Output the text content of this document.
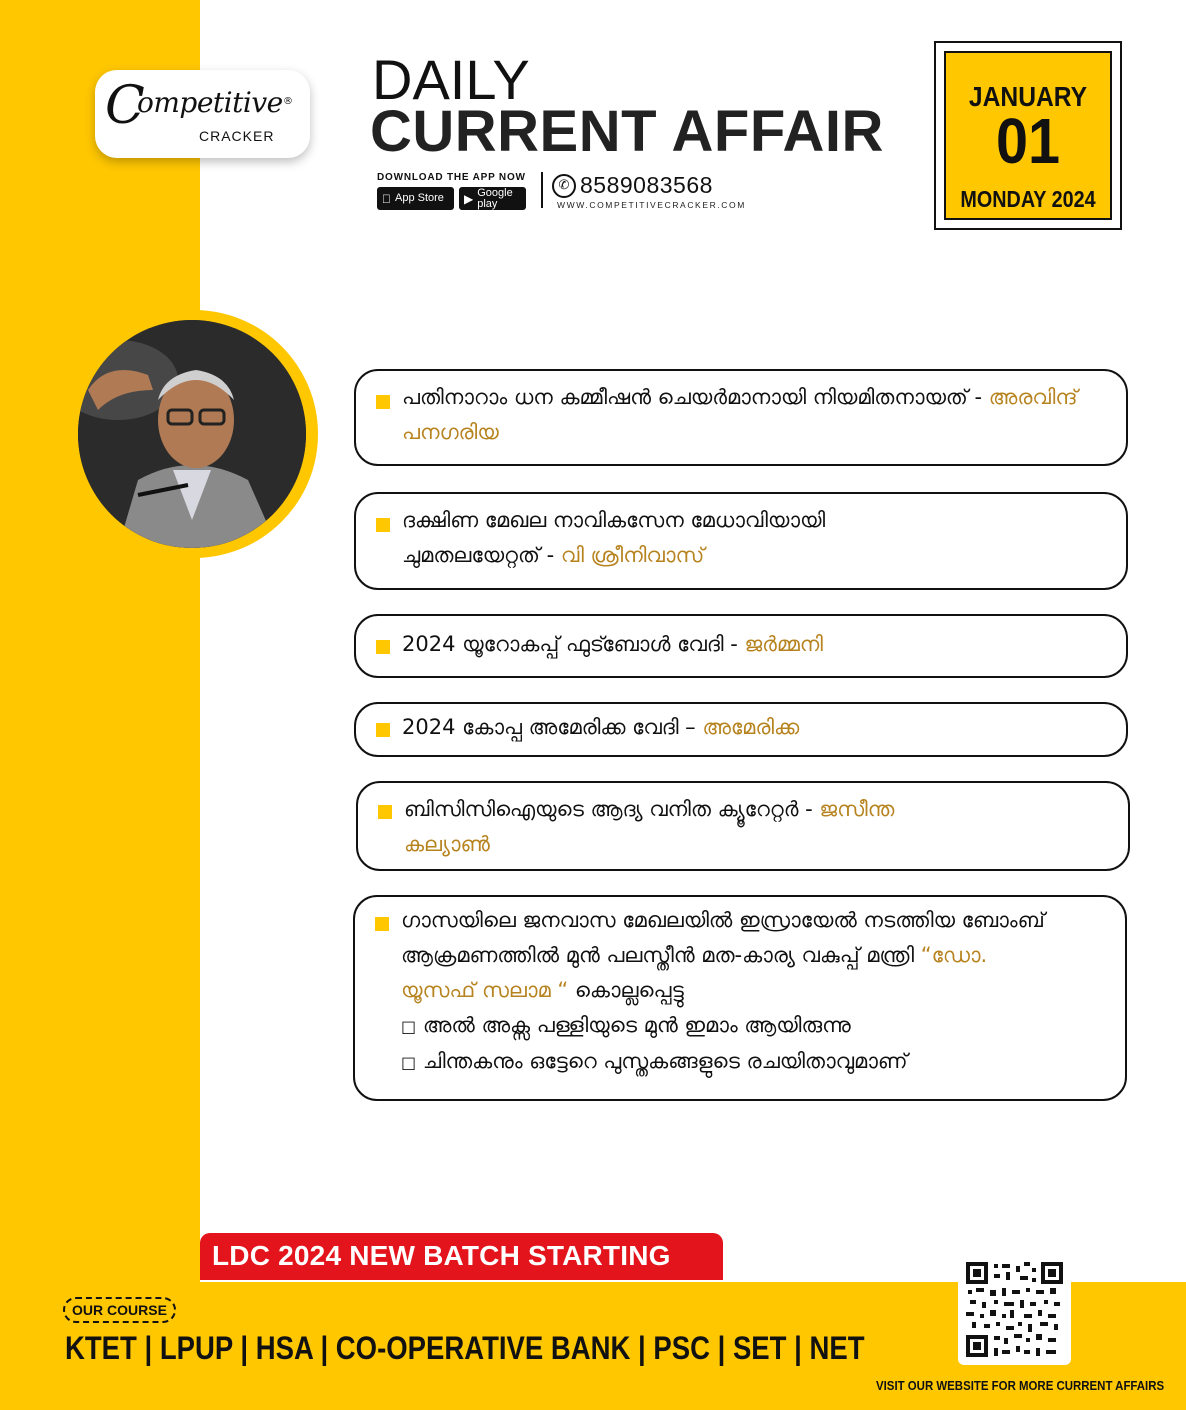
C
ompetitive ®
CRACKER
DAILY
CURRENT AFFAIR
DOWNLOAD THE APP NOW
App Store ▶ Google play
✆ 8589083568
WWW.COMPETITIVECRACKER.COM
JANUARY
01
MONDAY 2024
പതിനാറാം ധന കമ്മീഷൻ ചെയർമാനായി നിയമിതനായത് - അരവിന്ദ് പനഗരിയ
ദക്ഷിണ മേഖല നാവികസേന മേധാവിയായി ചുമതലയേറ്റത് - വി ശ്രീനിവാസ്
2024 യൂറോകപ്പ് ഫുട്ബോൾ വേദി - ജർമ്മനി
2024 കോപ്പ അമേരിക്ക വേദി – അമേരിക്ക
ബിസിസിഐയുടെ ആദ്യ വനിത ക്യൂറേറ്റർ - ജസീന്ത കല്യാൺ
ഗാസയിലെ ജനവാസ മേഖലയിൽ ഇസ്രായേൽ നടത്തിയ ബോംബ് ആക്രമണത്തിൽ മുൻ പലസ്തീൻ മത-കാര്യ വകുപ്പ് മന്ത്രി “ഡോ. യൂസഫ് സലാമ “ കൊല്ലപ്പെട്ടു
□ അൽ അക്സ പള്ളിയുടെ മുൻ ഇമാം ആയിരുന്നു
□ ചിന്തകനും ഒട്ടേറെ പുസ്തകങ്ങളുടെ രചയിതാവുമാണ്
LDC 2024 NEW BATCH STARTING
OUR COURSE
KTET | LPUP | HSA | CO-OPERATIVE BANK | PSC | SET | NET
VISIT OUR WEBSITE FOR MORE CURRENT AFFAIRS
